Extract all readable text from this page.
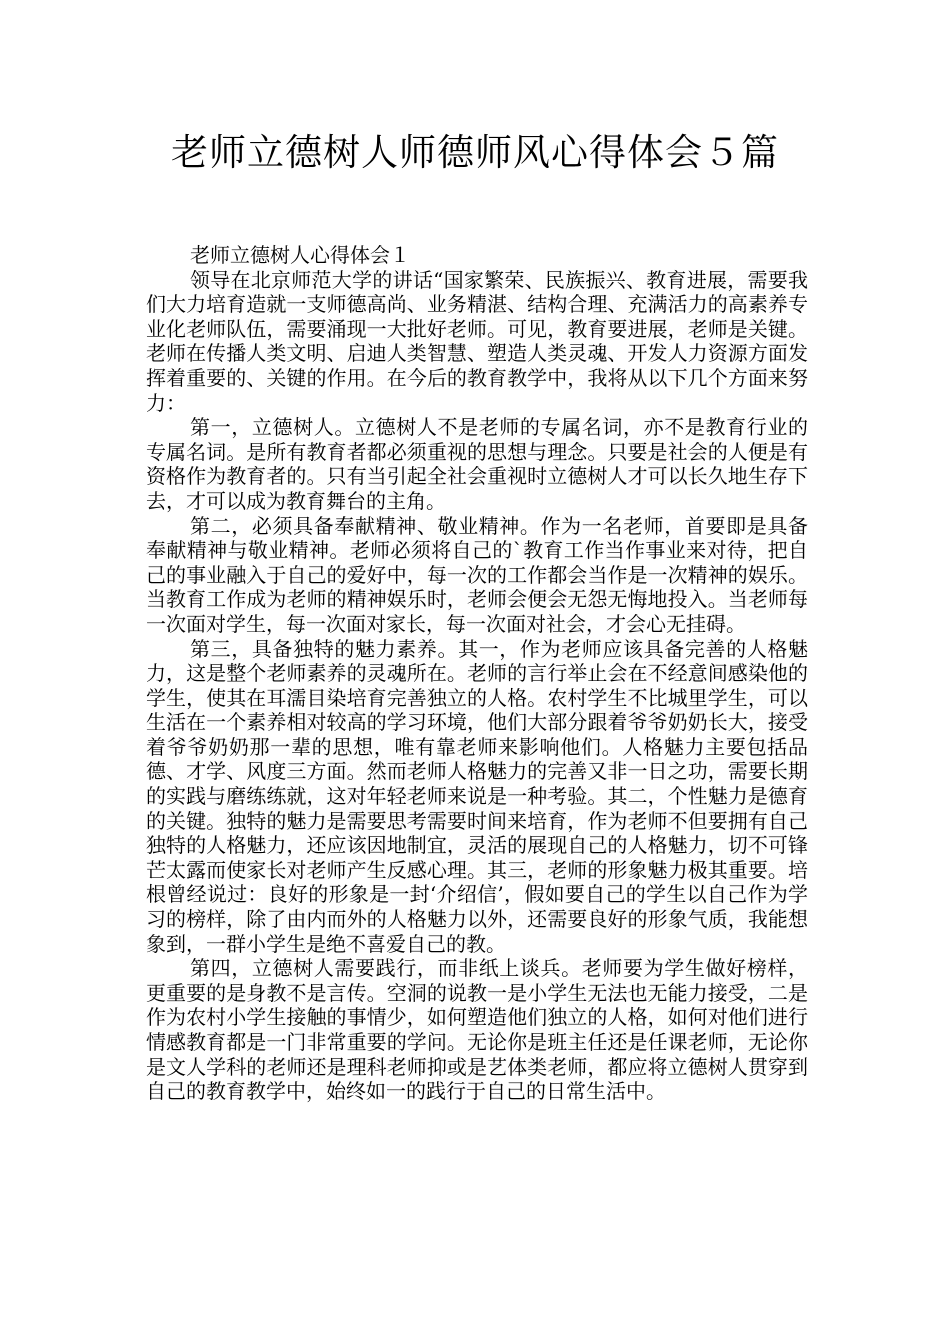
老师立德树人师德师风心得体会５篇

老师立德树人心得体会１

领导在北京师范大学的讲话“国家繁荣、民族振兴、教育进展，需要我们大力培育造就一支师德高尚、业务精湛、结构合理、充满活力的高素养专业化老师队伍，需要涌现一大批好老师。可见，教育要进展，老师是关键。老师在传播人类文明、启迪人类智慧、塑造人类灵魂、开发人力资源方面发挥着重要的、关键的作用。在今后的教育教学中，我将从以下几个方面来努力：

第一，立德树人。立德树人不是老师的专属名词，亦不是教育行业的专属名词。是所有教育者都必须重视的思想与理念。只要是社会的人便是有资格作为教育者的。只有当引起全社会重视时立德树人才可以长久地生存下去，才可以成为教育舞台的主角。

第二，必须具备奉献精神、敬业精神。作为一名老师，首要即是具备奉献精神与敬业精神。老师必须将自己的`教育工作当作事业来对待，把自己的事业融入于自己的爱好中，每一次的工作都会当作是一次精神的娱乐。当教育工作成为老师的精神娱乐时，老师会便会无怨无悔地投入。当老师每一次面对学生，每一次面对家长，每一次面对社会，才会心无挂碍。

第三，具备独特的魅力素养。其一，作为老师应该具备完善的人格魅力，这是整个老师素养的灵魂所在。老师的言行举止会在不经意间感染他的学生，使其在耳濡目染培育完善独立的人格。农村学生不比城里学生，可以生活在一个素养相对较高的学习环境，他们大部分跟着爷爷奶奶长大，接受着爷爷奶奶那一辈的思想，唯有靠老师来影响他们。人格魅力主要包括品德、才学、风度三方面。然而老师人格魅力的完善又非一日之功，需要长期的实践与磨练练就，这对年轻老师来说是一种考验。其二，个性魅力是德育的关键。独特的魅力是需要思考需要时间来培育，作为老师不但要拥有自己独特的人格魅力，还应该因地制宜，灵活的展现自己的人格魅力，切不可锋芒太露而使家长对老师产生反感心理。其三，老师的形象魅力极其重要。培根曾经说过：良好的形象是一封‘介绍信’，假如要自己的学生以自己作为学习的榜样，除了由内而外的人格魅力以外，还需要良好的形象气质，我能想象到，一群小学生是绝不喜爱自己的教。

第四，立德树人需要践行，而非纸上谈兵。老师要为学生做好榜样，更重要的是身教不是言传。空洞的说教一是小学生无法也无能力接受，二是作为农村小学生接触的事情少，如何塑造他们独立的人格，如何对他们进行情感教育都是一门非常重要的学问。无论你是班主任还是任课老师，无论你是文人学科的老师还是理科老师抑或是艺体类老师，都应将立德树人贯穿到自己的教育教学中，始终如一的践行于自己的日常生活中。
